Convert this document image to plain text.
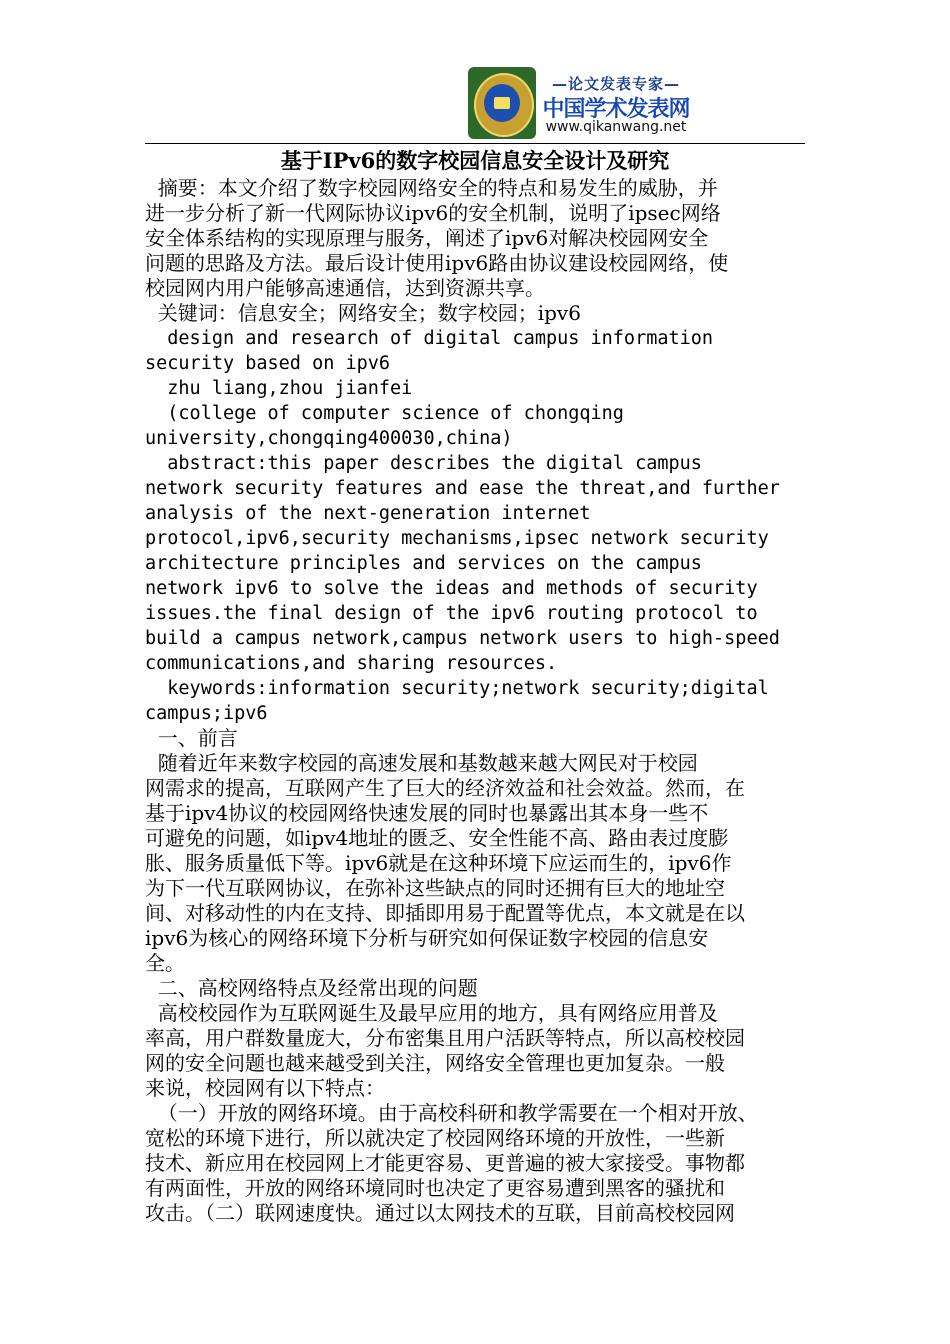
—论文发表专家—
中国学术发表网
www.qikanwang.net
基于IPv6的数字校园信息安全设计及研究

摘要：本文介绍了数字校园网络安全的特点和易发生的威胁，并
进一步分析了新一代网际协议ipv6的安全机制，说明了ipsec网络
安全体系结构的实现原理与服务，阐述了ipv6对解决校园网安全
问题的思路及方法。最后设计使用ipv6路由协议建设校园网络，使
校园网内用户能够高速通信，达到资源共享。

关键词：信息安全；网络安全；数字校园；ipv6

design and research of digital campus information
security based on ipv6

zhu liang,zhou jianfei

(college of computer science of chongqing
university,chongqing400030,china)

abstract:this paper describes the digital campus
network security features and ease the threat,and further
analysis of the next-generation internet
protocol,ipv6,security mechanisms,ipsec network security
architecture principles and services on the campus
network ipv6 to solve the ideas and methods of security
issues.the final design of the ipv6 routing protocol to
build a campus network,campus network users to high-speed
communications,and sharing resources.

keywords:information security;network security;digital
campus;ipv6

一、前言

随着近年来数字校园的高速发展和基数越来越大网民对于校园
网需求的提高，互联网产生了巨大的经济效益和社会效益。然而，在
基于ipv4协议的校园网络快速发展的同时也暴露出其本身一些不
可避免的问题，如ipv4地址的匮乏、安全性能不高、路由表过度膨
胀、服务质量低下等。ipv6就是在这种环境下应运而生的，ipv6作
为下一代互联网协议，在弥补这些缺点的同时还拥有巨大的地址空
间、对移动性的内在支持、即插即用易于配置等优点，本文就是在以
ipv6为核心的网络环境下分析与研究如何保证数字校园的信息安
全。

二、高校网络特点及经常出现的问题

高校校园作为互联网诞生及最早应用的地方，具有网络应用普及
率高，用户群数量庞大，分布密集且用户活跃等特点，所以高校校园
网的安全问题也越来越受到关注，网络安全管理也更加复杂。一般
来说，校园网有以下特点：

（一）开放的网络环境。由于高校科研和教学需要在一个相对开放、
宽松的环境下进行，所以就决定了校园网络环境的开放性，一些新
技术、新应用在校园网上才能更容易、更普遍的被大家接受。事物都
有两面性，开放的网络环境同时也决定了更容易遭到黑客的骚扰和
攻击。（二）联网速度快。通过以太网技术的互联，目前高校校园网
